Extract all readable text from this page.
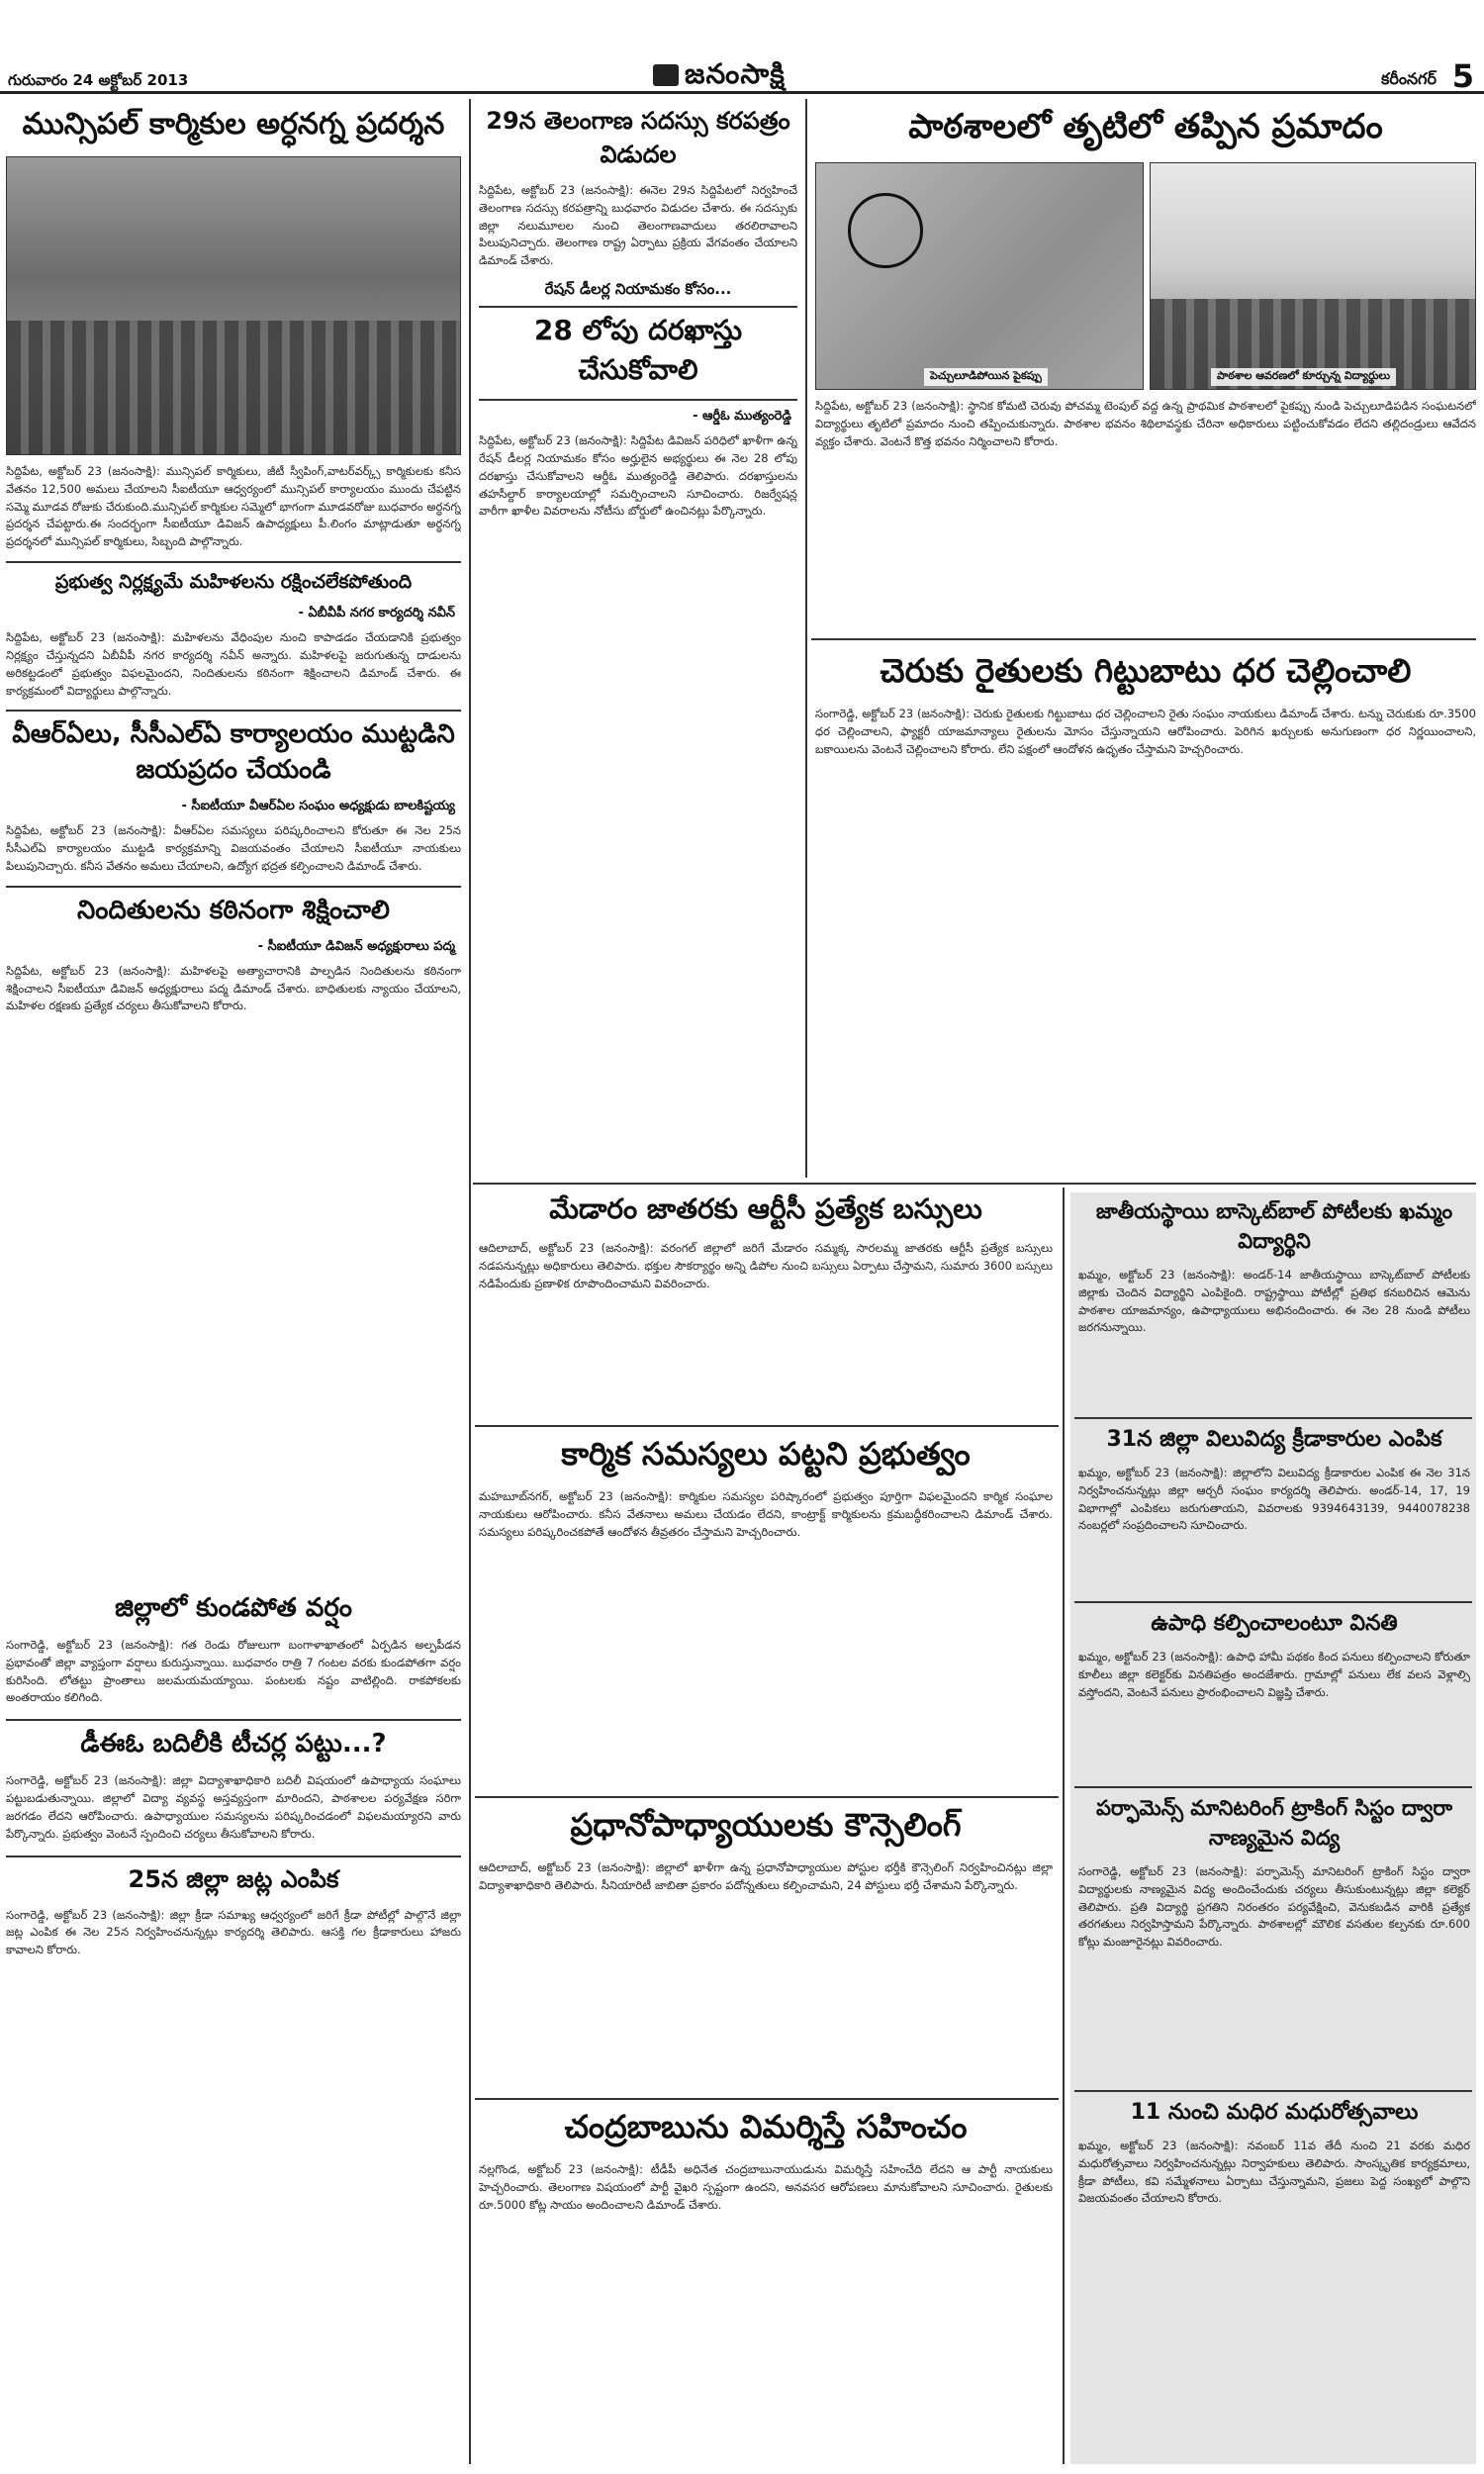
గురువారం 24 అక్టోబర్ 2013	జనంసాక్షి	కరీంనగర్ 5
మున్సిపల్ కార్మికుల అర్ధనగ్న ప్రదర్శన

సిద్దిపేట, అక్టోబర్ 23 (జనంసాక్షి): మున్సిపల్ కార్మికులు, జీటీ స్వీపింగ్,వాటర్‌వర్క్స్ కార్మికులకు కనీస వేతనం 12,500 అమలు చేయాలని సీఐటీయూ ఆధ్వర్యంలో మున్సిపల్ కార్యాలయం ముందు చేపట్టిన సమ్మె మూడవ రోజుకు చేరుకుంది.మున్సిపల్ కార్మికుల సమ్మెలో భాగంగా మూడవరోజు బుధవారం అర్ధనగ్న ప్రదర్శన చేపట్టారు.ఈ సందర్భంగా సీఐటీయూ డివిజన్ ఉపాధ్యక్షులు పీ.లింగం మాట్లాడుతూ అర్ధనగ్న ప్రదర్శనలో మున్సిపల్ కార్మికులు, సిబ్బంది పాల్గొన్నారు.

ప్రభుత్వ నిర్లక్ష్యమే మహిళలను రక్షించలేకపోతుంది
- ఏబీవీపీ నగర కార్యదర్శి నవీన్

సిద్దిపేట, అక్టోబర్ 23 (జనంసాక్షి): మహిళలను వేధింపుల నుంచి కాపాడడం చేయడానికి ప్రభుత్వం నిర్లక్ష్యం చేస్తున్నదని ఏబీవీపీ నగర కార్యదర్శి నవీన్ అన్నారు. మహిళలపై జరుగుతున్న దాడులను అరికట్టడంలో ప్రభుత్వం విఫలమైందని, నిందితులను కఠినంగా శిక్షించాలని డిమాండ్ చేశారు. ఈ కార్యక్రమంలో విద్యార్థులు పాల్గొన్నారు.

వీఆర్ఏలు, సీసీఎల్ఏ కార్యాలయం ముట్టడిని జయప్రదం చేయండి
- సీఐటీయూ వీఆర్ఏల సంఘం అధ్యక్షుడు బాలకిష్టయ్య

సిద్దిపేట, అక్టోబర్ 23 (జనంసాక్షి): వీఆర్ఏల సమస్యలు పరిష్కరించాలని కోరుతూ ఈ నెల 25న సీసీఎల్ఏ కార్యాలయం ముట్టడి కార్యక్రమాన్ని విజయవంతం చేయాలని సీఐటీయూ నాయకులు పిలుపునిచ్చారు. కనీస వేతనం అమలు చేయాలని, ఉద్యోగ భద్రత కల్పించాలని డిమాండ్ చేశారు.

నిందితులను కఠినంగా శిక్షించాలి
- సీఐటీయూ డివిజన్ అధ్యక్షురాలు పద్మ

సిద్దిపేట, అక్టోబర్ 23 (జనంసాక్షి): మహిళలపై అత్యాచారానికి పాల్పడిన నిందితులను కఠినంగా శిక్షించాలని సీఐటీయూ డివిజన్ అధ్యక్షురాలు పద్మ డిమాండ్ చేశారు. బాధితులకు న్యాయం చేయాలని, మహిళల రక్షణకు ప్రత్యేక చర్యలు తీసుకోవాలని కోరారు.

జిల్లాలో కుండపోత వర్షం

సంగారెడ్డి, అక్టోబర్ 23 (జనంసాక్షి): గత రెండు రోజులుగా బంగాళాఖాతంలో ఏర్పడిన అల్పపీడన ప్రభావంతో జిల్లా వ్యాప్తంగా వర్షాలు కురుస్తున్నాయి. బుధవారం రాత్రి 7 గంటల వరకు కుండపోతగా వర్షం కురిసింది. లోతట్టు ప్రాంతాలు జలమయమయ్యాయి. పంటలకు నష్టం వాటిల్లింది. రాకపోకలకు అంతరాయం కలిగింది.

డీఈఓ బదిలీకి టీచర్ల పట్టు...?

సంగారెడ్డి, అక్టోబర్ 23 (జనంసాక్షి): జిల్లా విద్యాశాఖాధికారి బదిలీ విషయంలో ఉపాధ్యాయ సంఘాలు పట్టుబడుతున్నాయి. జిల్లాలో విద్యా వ్యవస్థ అస్తవ్యస్తంగా మారిందని, పాఠశాలల పర్యవేక్షణ సరిగా జరగడం లేదని ఆరోపించారు. ఉపాధ్యాయుల సమస్యలను పరిష్కరించడంలో విఫలమయ్యారని వారు పేర్కొన్నారు. ప్రభుత్వం వెంటనే స్పందించి చర్యలు తీసుకోవాలని కోరారు.

25న జిల్లా జట్ల ఎంపిక

సంగారెడ్డి, అక్టోబర్ 23 (జనంసాక్షి): జిల్లా క్రీడా సమాఖ్య ఆధ్వర్యంలో జరిగే క్రీడా పోటీల్లో పాల్గొనే జిల్లా జట్ల ఎంపిక ఈ నెల 25న నిర్వహించనున్నట్లు కార్యదర్శి తెలిపారు. ఆసక్తి గల క్రీడాకారులు హాజరు కావాలని కోరారు.

29న తెలంగాణ సదస్సు కరపత్రం విడుదల

సిద్దిపేట, అక్టోబర్ 23 (జనంసాక్షి): ఈనెల 29న సిద్దిపేటలో నిర్వహించే తెలంగాణ సదస్సు కరపత్రాన్ని బుధవారం విడుదల చేశారు. ఈ సదస్సుకు జిల్లా నలుమూలల నుంచి తెలంగాణవాదులు తరలిరావాలని పిలుపునిచ్చారు. తెలంగాణ రాష్ట్ర ఏర్పాటు ప్రక్రియ వేగవంతం చేయాలని డిమాండ్ చేశారు.

రేషన్ డీలర్ల నియామకం కోసం...
28 లోపు దరఖాస్తు చేసుకోవాలి
- ఆర్డీఓ ముత్యంరెడ్డి

సిద్దిపేట, అక్టోబర్ 23 (జనంసాక్షి): సిద్దిపేట డివిజన్ పరిధిలో ఖాళీగా ఉన్న రేషన్ డీలర్ల నియామకం కోసం అర్హులైన అభ్యర్థులు ఈ నెల 28 లోపు దరఖాస్తు చేసుకోవాలని ఆర్డీఓ ముత్యంరెడ్డి తెలిపారు. దరఖాస్తులను తహసీల్దార్ కార్యాలయాల్లో సమర్పించాలని సూచించారు. రిజర్వేషన్ల వారీగా ఖాళీల వివరాలను నోటీసు బోర్డులో ఉంచినట్లు పేర్కొన్నారు.

పాఠశాలలో తృటిలో తప్పిన ప్రమాదం
పెచ్చులూడిపోయిన పైకప్పు	పాఠశాల ఆవరణలో కూర్చున్న విద్యార్థులు

సిద్దిపేట, అక్టోబర్ 23 (జనంసాక్షి): స్థానిక కోమటి చెరువు పోచమ్మ టెంపుల్ వద్ద ఉన్న ప్రాథమిక పాఠశాలలో పైకప్పు నుండి పెచ్చులూడిపడిన సంఘటనలో విద్యార్థులు తృటిలో ప్రమాదం నుంచి తప్పించుకున్నారు. పాఠశాల భవనం శిథిలావస్థకు చేరినా అధికారులు పట్టించుకోవడం లేదని తల్లిదండ్రులు ఆవేదన వ్యక్తం చేశారు. వెంటనే కొత్త భవనం నిర్మించాలని కోరారు.

చెరుకు రైతులకు గిట్టుబాటు ధర చెల్లించాలి

సంగారెడ్డి, అక్టోబర్ 23 (జనంసాక్షి): చెరుకు రైతులకు గిట్టుబాటు ధర చెల్లించాలని రైతు సంఘం నాయకులు డిమాండ్ చేశారు. టన్ను చెరుకుకు రూ.3500 ధర చెల్లించాలని, ఫ్యాక్టరీ యాజమాన్యాలు రైతులను మోసం చేస్తున్నాయని ఆరోపించారు. పెరిగిన ఖర్చులకు అనుగుణంగా ధర నిర్ణయించాలని, బకాయిలను వెంటనే చెల్లించాలని కోరారు. లేని పక్షంలో ఆందోళన ఉధృతం చేస్తామని హెచ్చరించారు.

మేడారం జాతరకు ఆర్టీసీ ప్రత్యేక బస్సులు

ఆదిలాబాద్, అక్టోబర్ 23 (జనంసాక్షి): వరంగల్ జిల్లాలో జరిగే మేడారం సమ్మక్క సారలమ్మ జాతరకు ఆర్టీసీ ప్రత్యేక బస్సులు నడపనున్నట్లు అధికారులు తెలిపారు. భక్తుల సౌకర్యార్థం అన్ని డిపోల నుంచి బస్సులు ఏర్పాటు చేస్తామని, సుమారు 3600 బస్సులు నడిపేందుకు ప్రణాళిక రూపొందించామని వివరించారు.

కార్మిక సమస్యలు పట్టని ప్రభుత్వం

మహబూబ్‌నగర్, అక్టోబర్ 23 (జనంసాక్షి): కార్మికుల సమస్యల పరిష్కారంలో ప్రభుత్వం పూర్తిగా విఫలమైందని కార్మిక సంఘాల నాయకులు ఆరోపించారు. కనీస వేతనాలు అమలు చేయడం లేదని, కాంట్రాక్ట్ కార్మికులను క్రమబద్ధీకరించాలని డిమాండ్ చేశారు. సమస్యలు పరిష్కరించకపోతే ఆందోళన తీవ్రతరం చేస్తామని హెచ్చరించారు.

ప్రధానోపాధ్యాయులకు కౌన్సెలింగ్

ఆదిలాబాద్, అక్టోబర్ 23 (జనంసాక్షి): జిల్లాలో ఖాళీగా ఉన్న ప్రధానోపాధ్యాయుల పోస్టుల భర్తీకి కౌన్సెలింగ్ నిర్వహించినట్లు జిల్లా విద్యాశాఖాధికారి తెలిపారు. సీనియారిటీ జాబితా ప్రకారం పదోన్నతులు కల్పించామని, 24 పోస్టులు భర్తీ చేశామని పేర్కొన్నారు.

చంద్రబాబును విమర్శిస్తే సహించం

నల్లగొండ, అక్టోబర్ 23 (జనంసాక్షి): టీడీపీ అధినేత చంద్రబాబునాయుడును విమర్శిస్తే సహించేది లేదని ఆ పార్టీ నాయకులు హెచ్చరించారు. తెలంగాణ విషయంలో పార్టీ వైఖరి స్పష్టంగా ఉందని, అనవసర ఆరోపణలు మానుకోవాలని సూచించారు. రైతులకు రూ.5000 కోట్ల సాయం అందించాలని డిమాండ్ చేశారు.

జాతీయస్థాయి బాస్కెట్‌బాల్ పోటీలకు ఖమ్మం విద్యార్థిని

ఖమ్మం, అక్టోబర్ 23 (జనంసాక్షి): అండర్-14 జాతీయస్థాయి బాస్కెట్‌బాల్ పోటీలకు జిల్లాకు చెందిన విద్యార్థిని ఎంపికైంది. రాష్ట్రస్థాయి పోటీల్లో ప్రతిభ కనబరిచిన ఆమెను పాఠశాల యాజమాన్యం, ఉపాధ్యాయులు అభినందించారు. ఈ నెల 28 నుండి పోటీలు జరగనున్నాయి.

31న జిల్లా విలువిద్య క్రీడాకారుల ఎంపిక

ఖమ్మం, అక్టోబర్ 23 (జనంసాక్షి): జిల్లాలోని విలువిద్య క్రీడాకారుల ఎంపిక ఈ నెల 31న నిర్వహించనున్నట్లు జిల్లా ఆర్చరీ సంఘం కార్యదర్శి తెలిపారు. అండర్-14, 17, 19 విభాగాల్లో ఎంపికలు జరుగుతాయని, వివరాలకు 9394643139, 9440078238 నంబర్లలో సంప్రదించాలని సూచించారు.

ఉపాధి కల్పించాలంటూ వినతి

ఖమ్మం, అక్టోబర్ 23 (జనంసాక్షి): ఉపాధి హామీ పథకం కింద పనులు కల్పించాలని కోరుతూ కూలీలు జిల్లా కలెక్టర్‌కు వినతిపత్రం అందజేశారు. గ్రామాల్లో పనులు లేక వలస వెళ్లాల్సి వస్తోందని, వెంటనే పనులు ప్రారంభించాలని విజ్ఞప్తి చేశారు.

పర్ఫామెన్స్ మానిటరింగ్ ట్రాకింగ్ సిస్టం ద్వారా నాణ్యమైన విద్య

సంగారెడ్డి, అక్టోబర్ 23 (జనంసాక్షి): పర్ఫామెన్స్ మానిటరింగ్ ట్రాకింగ్ సిస్టం ద్వారా విద్యార్థులకు నాణ్యమైన విద్య అందించేందుకు చర్యలు తీసుకుంటున్నట్లు జిల్లా కలెక్టర్ తెలిపారు. ప్రతి విద్యార్థి ప్రగతిని నిరంతరం పర్యవేక్షించి, వెనుకబడిన వారికి ప్రత్యేక తరగతులు నిర్వహిస్తామని పేర్కొన్నారు. పాఠశాలల్లో మౌలిక వసతుల కల్పనకు రూ.600 కోట్లు మంజూరైనట్లు వివరించారు.

11 నుంచి మధిర మధురోత్సవాలు

ఖమ్మం, అక్టోబర్ 23 (జనంసాక్షి): నవంబర్ 11వ తేదీ నుంచి 21 వరకు మధిర మధురోత్సవాలు నిర్వహించనున్నట్లు నిర్వాహకులు తెలిపారు. సాంస్కృతిక కార్యక్రమాలు, క్రీడా పోటీలు, కవి సమ్మేళనాలు ఏర్పాటు చేస్తున్నామని, ప్రజలు పెద్ద సంఖ్యలో పాల్గొని విజయవంతం చేయాలని కోరారు.
